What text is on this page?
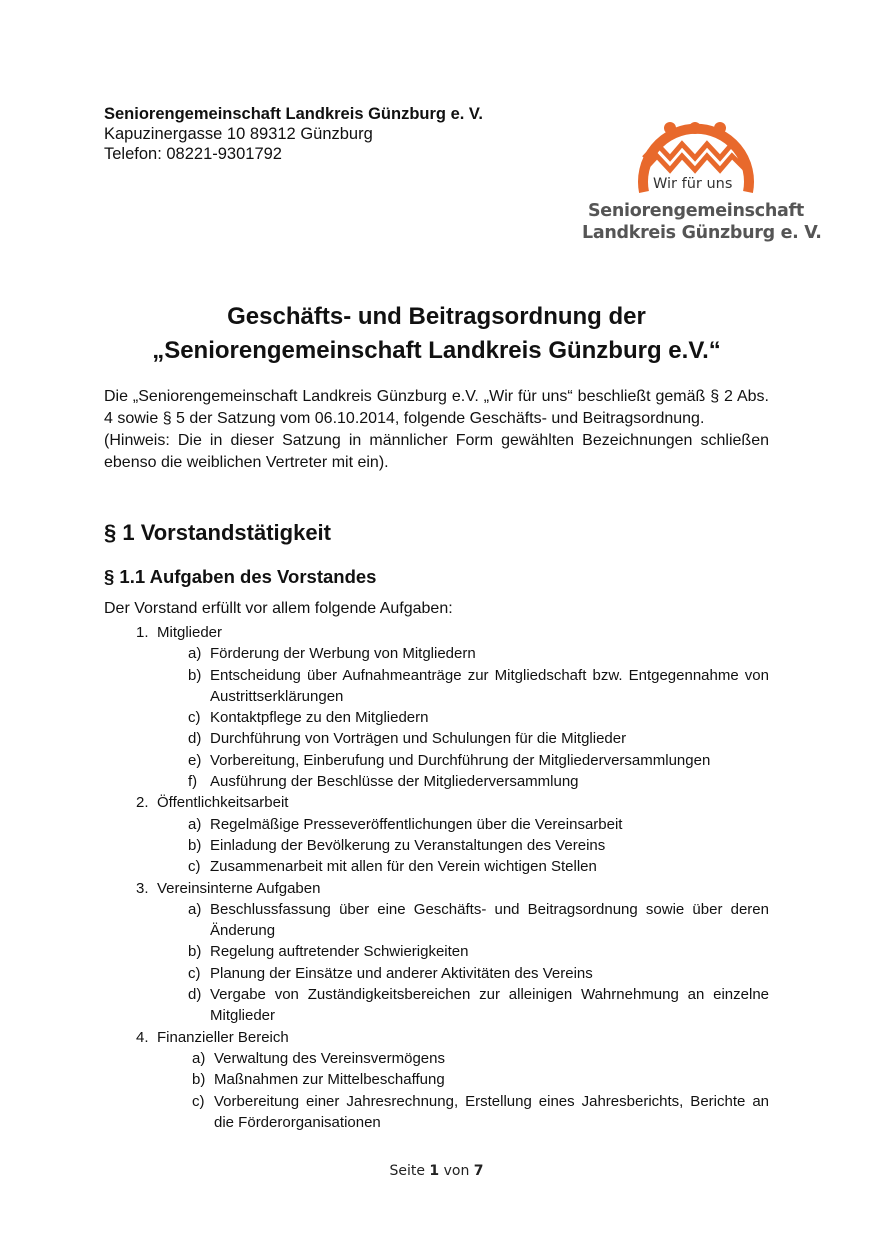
Seniorengemeinschaft Landkreis Günzburg e. V.
Kapuzinergasse 10 89312 Günzburg
Telefon: 08221-9301792
Wir für uns
Seniorengemeinschaft
Landkreis Günzburg e. V.
Geschäfts- und Beitragsordnung der
„Seniorengemeinschaft Landkreis Günzburg e.V.“

Die „Seniorengemeinschaft Landkreis Günzburg e.V. „Wir für uns“ beschließt gemäß § 2 Abs. 4 sowie § 5 der Satzung vom 06.10.2014, folgende Geschäfts- und Beitragsordnung.

(Hinweis: Die in dieser Satzung in männlicher Form gewählten Bezeichnungen schließen ebenso die weiblichen Vertreter mit ein).

§ 1 Vorstandstätigkeit
§ 1.1 Aufgaben des Vorstandes
Der Vorstand erfüllt vor allem folgende Aufgaben:
1. Mitglieder
a) Förderung der Werbung von Mitgliedern
b) Entscheidung über Aufnahmeanträge zur Mitgliedschaft bzw. Entgegennahme von Austrittserklärungen
c) Kontaktpflege zu den Mitgliedern
d) Durchführung von Vorträgen und Schulungen für die Mitglieder
e) Vorbereitung, Einberufung und Durchführung der Mitgliederversammlungen
f) Ausführung der Beschlüsse der Mitgliederversammlung
2. Öffentlichkeitsarbeit
a) Regelmäßige Presseveröffentlichungen über die Vereinsarbeit
b) Einladung der Bevölkerung zu Veranstaltungen des Vereins
c) Zusammenarbeit mit allen für den Verein wichtigen Stellen
3. Vereinsinterne Aufgaben
a) Beschlussfassung über eine Geschäfts- und Beitragsordnung sowie über deren Änderung
b) Regelung auftretender Schwierigkeiten
c) Planung der Einsätze und anderer Aktivitäten des Vereins
d) Vergabe von Zuständigkeitsbereichen zur alleinigen Wahrnehmung an einzelne Mitglieder
4. Finanzieller Bereich
a) Verwaltung des Vereinsvermögens
b) Maßnahmen zur Mittelbeschaffung
c) Vorbereitung einer Jahresrechnung, Erstellung eines Jahresberichts, Berichte an die Förderorganisationen
Seite 1 von 7
